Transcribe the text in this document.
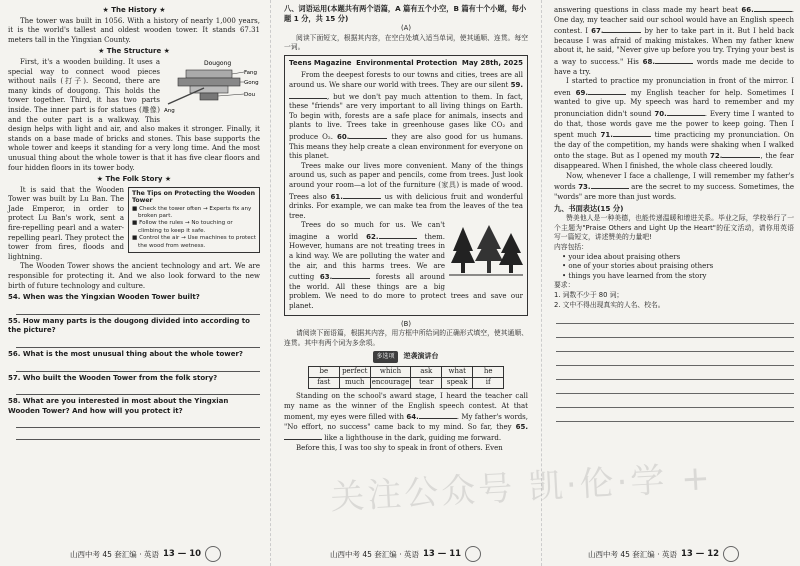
★ The History ★

The tower was built in 1056. With a history of nearly 1,000 years, it is the world's tallest and oldest wooden tower. It stands 67.31 meters tall in the Yingxian County.

★ The Structure ★
Dougong
Fang
Gong
Ang
Dou

First, it's a wooden building. It uses a special way to connect wood pieces without nails (打子). Second, there are many kinds of dougong. This holds the tower together. Third, it has two parts inside. The inner part is for statues (雕像) and the outer part is a walkway. This design helps with light and air, and also makes it stronger. Finally, it stands on a base made of bricks and stones. This base supports the whole tower and keeps it standing for a very long time. And the most unusual thing about the whole tower is that it has five clear floors and four hidden floors in its tower body.

★ The Folk Story ★
The Tips on Protecting the Wooden Tower
■ Check the tower often → Experts fix any broken part.
■ Follow the rules → No touching or climbing to keep it safe.
■ Control the air → Use machines to protect the wood from wetness.

It is said that the Wooden Tower was built by Lu Ban. The Jade Emperor, in order to protect Lu Ban's work, sent a fire-repelling pearl and a water-repelling pearl. They protect the tower from fires, floods and lightning.

The Wooden Tower shows the ancient technology and art. We are responsible for protecting it. And we also look forward to the new birth of future technology and culture.

54. When was the Yingxian Wooden Tower built?
55. How many parts is the dougong divided into according to the picture?
56. What is the most unusual thing about the whole tower?
57. Who built the Wooden Tower from the folk story?
58. What are you interested in most about the Yingxian Wooden Tower? And how will you protect it?
八、词语运用(本题共有两个语篇，A 篇有五个小空，B 篇有十个小题，每小题 1 分，共 15 分)
(A)

阅读下面短文，根据其内容，在空白处填入适当单词，使其通顺、连贯。每空一词。

Teens Magazine Environmental Protection May 28th, 2025

From the deepest forests to our towns and cities, trees are all around us. We share our world with trees. They are our silent 59., but we don't pay much attention to them. In fact, these "friends" are very important to all living things on Earth. To begin with, forests are a safe place for animals, insects and plants to live. Trees take in greenhouse gases like CO₂ and produce O₂. 60.	they are also good for us humans. This means they help create a clean environment for everyone on this planet.

Trees make our lives more convenient. Many of the things around us, such as paper and pencils, come from trees. Just look around your room—a lot of the furniture (家具) is made of wood. Trees also 61.	us with delicious fruit and wonderful drinks. For example, we can make tea from the leaves of the tea tree.

Trees do so much for us. We can't imagine a world 62.	them. However, humans are not treating trees in a kind way. We are polluting the water and the air, and this harms trees. We are cutting 63.	forests all around the world. All these things are a big problem. We need to do more to protect trees and save our planet.

(B)

请阅读下面语篇，根据其内容，用方框中所给词的正确形式填空，使其通顺、连贯。其中有两个词为多余项。

多选项	逆袭演讲台
be	perfect	which	ask	what	he
fast	much	encourage	tear	speak	if

Standing on the school's award stage, I heard the teacher call my name as the winner of the English speech contest. At that moment, my eyes were filled with 64.	. My father's words, "No effort, no success" came back to my mind. So far, they 65. like a lighthouse in the dark, guiding me forward.

Before this, I was too shy to speak in front of others. Even

answering questions in class made my heart beat 66.	. One day, my teacher said our school would have an English speech contest. I 67.	by her to take part in it. But I held back because I was afraid of making mistakes. When my father knew about it, he said, "Never give up before you try. Trying your best is a way to success." His 68.	words made me decide to have a try.

I started to practice my pronunciation in front of the mirror. I even 69.	my English teacher for help. Sometimes I wanted to give up. My speech was hard to remember and my pronunciation didn't sound 70.	. Every time I wanted to do that, those words gave me the power to keep going. Then I spent much 71.	time practicing my pronunciation. On the day of the competition, my hands were shaking when I walked onto the stage. But as I opened my mouth 72.	, the fear disappeared. When I finished, the whole class cheered loudly.

Now, whenever I face a challenge, I will remember my father's words 73.	are the secret to my success. Sometimes, the "words" are more than just words.

九、书面表达(15 分)

赞美他人是一种美德，也能传递温暖和增进关系。毕业之际，学校举行了一个主题为"Praise Others and Light Up the Heart"的征文活动，请你用英语写一篇短文，讲述赞美的力量吧!

内容包括：
• your idea about praising others
• one of your stories about praising others
• things you have learned from the story
要求：
1. 词数不少于 80 词；
2. 文中不得出现真实的人名、校名。
山西中考 45 套汇编 · 英语 13 — 10	山西中考 45 套汇编 · 英语 13 — 11	山西中考 45 套汇编 · 英语 13 — 12
关注公众号 凯·伦·学 +
